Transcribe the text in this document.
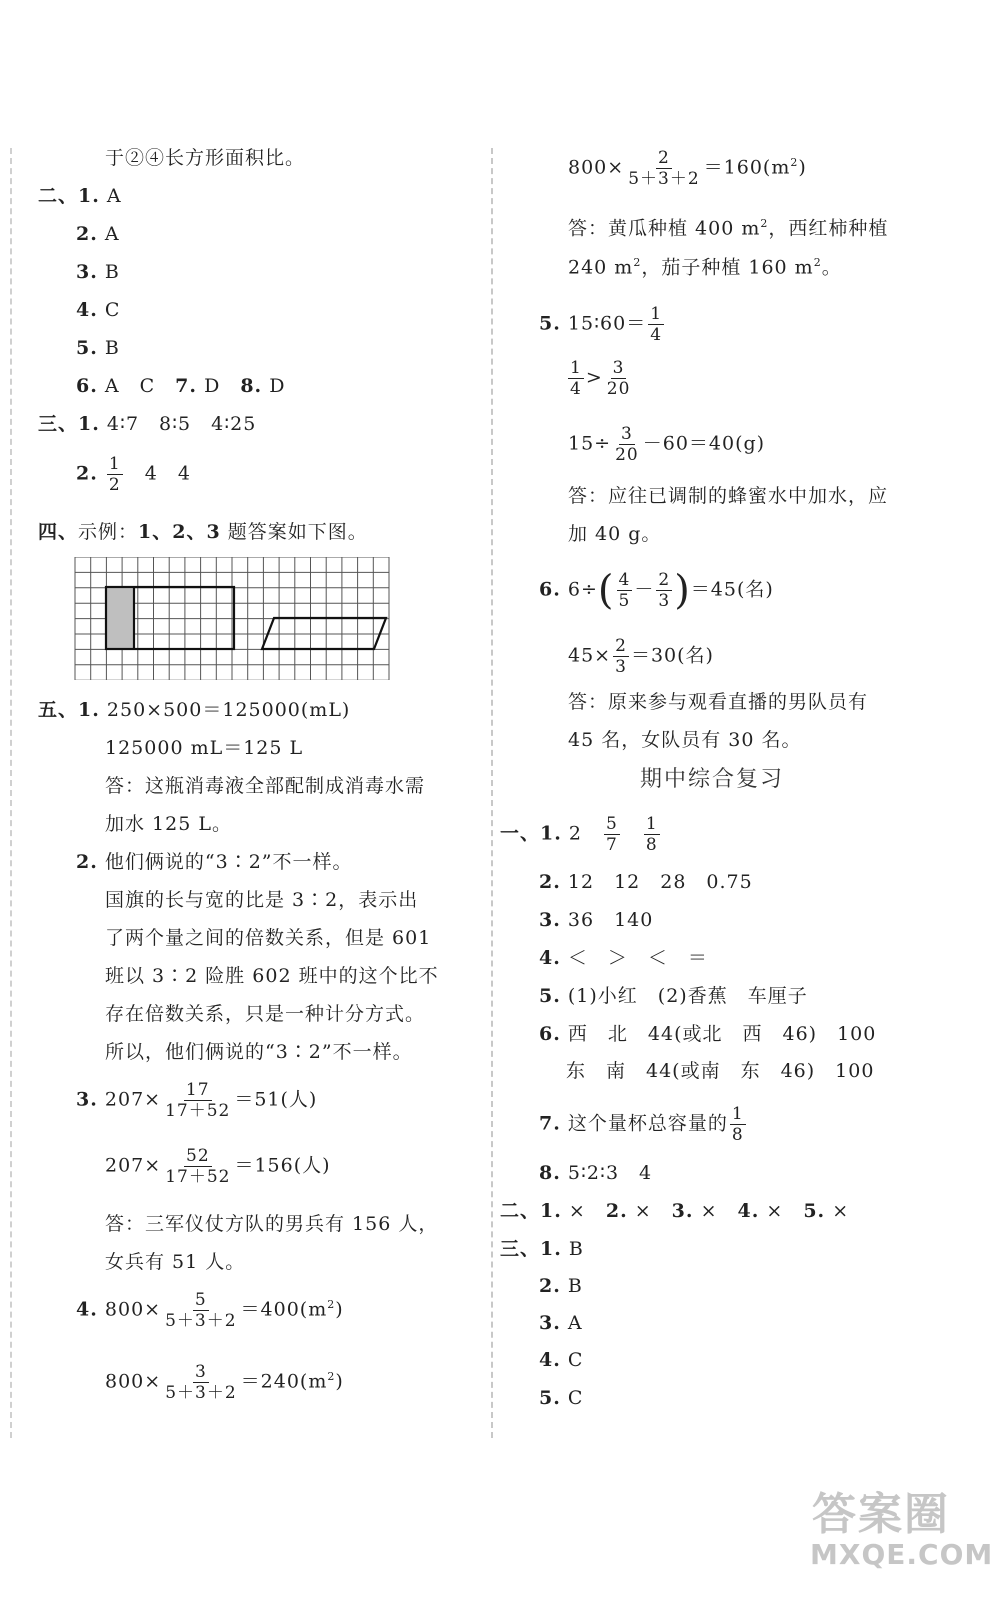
于②④长方形面积比。
二、1. A
2. A
3. B
4. C
5. B
6. A　C　 7. D　 8. D
三、1. 4∶7　8∶5　4∶25
2. $\frac{1}{2}$
　 4　4
四、示例：1、2、3 题答案如下图。
五、1. 250×500＝125000(mL)
125000 mL＝125 L
答：这瓶消毒液全部配制成消毒水需
加水 125 L。
2. 他们俩说的“3∶2”不一样。
国旗的长与宽的比是 3∶2，表示出
了两个量之间的倍数关系，但是 601
班以 3∶2 险胜 602 班中的这个比不
存在倍数关系，只是一种计分方式。
所以，他们俩说的“3∶2”不一样。
3. $207\times \frac{17}{17+52} =51$(人)
$207\times \frac{52}{17+52} =156$(人)
答：三军仪仗方队的男兵有 156 人，
女兵有 51 人。
4. $800\times \frac{5}{5+3+2} =400(m^2)$
$800\times \frac{3}{5+3+2} =240(m^2)$
$800\times \frac{2}{5+3+2} =160(m^2)$
答：黄瓜种植 400 $m^2$，西红柿种植
240 $m^2$，茄子种植 160 $m^2$。
5. 15∶60＝ $\frac{1}{4}$
$\frac{1}{4} > \frac{3}{20}$
$15\div \frac{3}{20} -60=40(g)$
答：应往已调制的蜂蜜水中加水，应
加 40 g。
6. $6\div( \frac{4}{5} - \frac{2}{3} )=45$(名)
$45\times \frac{2}{3} =30$(名)
答：原来参与观看直播的男队员有
45 名，女队员有 30 名。
期中综合复习
一、1. 2　 $\frac{5}{7}$
　 $\frac{1}{8}$
2. 12　12　28　0.75
3. 36　140
4. ＜　＞　＜　＝
5. (1)小红　(2)香蕉　车厘子
6. 西　北　44(或北　西　46)　100
东　南　44(或南　东　46)　100
7. 这个量杯总容量的 $\frac{1}{8}$
8. 5∶2∶3　4
二、1. ×　 2. ×　 3. ×　 4. ×　 5. ×
三、1. B
2. B
3. A
4. C
5. C
答案圈
MXQE.COM
